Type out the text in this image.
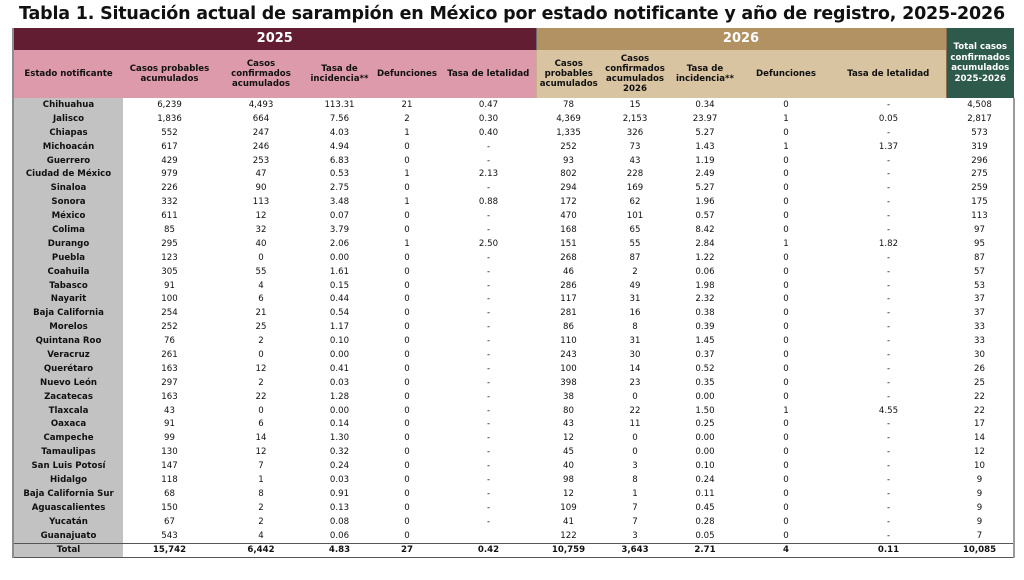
Tabla 1. Situación actual de sarampión en México por estado notificante y año de registro, 2025-2026
2025						2026					Total casos confirmados acumulados 2025-2026
Estado notificante	Casos probables acumulados	Casos confirmados acumulados	Tasa de incidencia**	Defunciones	Tasa de letalidad	Casos probables acumulados	Casos confirmados acumulados 2026	Tasa de incidencia**	Defunciones	Tasa de letalidad	
Chihuahua	6,239	4,493	113.31	21	0.47	78	15	0.34	0	-	4,508
Jalisco	1,836	664	7.56	2	0.30	4,369	2,153	23.97	1	0.05	2,817
Chiapas	552	247	4.03	1	0.40	1,335	326	5.27	0	-	573
Michoacán	617	246	4.94	0	-	252	73	1.43	1	1.37	319
Guerrero	429	253	6.83	0	-	93	43	1.19	0	-	296
Ciudad de México	979	47	0.53	1	2.13	802	228	2.49	0	-	275
Sinaloa	226	90	2.75	0	-	294	169	5.27	0	-	259
Sonora	332	113	3.48	1	0.88	172	62	1.96	0	-	175
México	611	12	0.07	0	-	470	101	0.57	0	-	113
Colima	85	32	3.79	0	-	168	65	8.42	0	-	97
Durango	295	40	2.06	1	2.50	151	55	2.84	1	1.82	95
Puebla	123	0	0.00	0	-	268	87	1.22	0	-	87
Coahuila	305	55	1.61	0	-	46	2	0.06	0	-	57
Tabasco	91	4	0.15	0	-	286	49	1.98	0	-	53
Nayarit	100	6	0.44	0	-	117	31	2.32	0	-	37
Baja California	254	21	0.54	0	-	281	16	0.38	0	-	37
Morelos	252	25	1.17	0	-	86	8	0.39	0	-	33
Quintana Roo	76	2	0.10	0	-	110	31	1.45	0	-	33
Veracruz	261	0	0.00	0	-	243	30	0.37	0	-	30
Querétaro	163	12	0.41	0	-	100	14	0.52	0	-	26
Nuevo León	297	2	0.03	0	-	398	23	0.35	0	-	25
Zacatecas	163	22	1.28	0	-	38	0	0.00	0	-	22
Tlaxcala	43	0	0.00	0	-	80	22	1.50	1	4.55	22
Oaxaca	91	6	0.14	0	-	43	11	0.25	0	-	17
Campeche	99	14	1.30	0	-	12	0	0.00	0	-	14
Tamaulipas	130	12	0.32	0	-	45	0	0.00	0	-	12
San Luis Potosí	147	7	0.24	0	-	40	3	0.10	0	-	10
Hidalgo	118	1	0.03	0	-	98	8	0.24	0	-	9
Baja California Sur	68	8	0.91	0	-	12	1	0.11	0	-	9
Aguascalientes	150	2	0.13	0	-	109	7	0.45	0	-	9
Yucatán	67	2	0.08	0	-	41	7	0.28	0	-	9
Guanajuato	543	4	0.06	0		122	3	0.05	0	-	7
Total	15,742	6,442	4.83	27	0.42	10,759	3,643	2.71	4	0.11	10,085
